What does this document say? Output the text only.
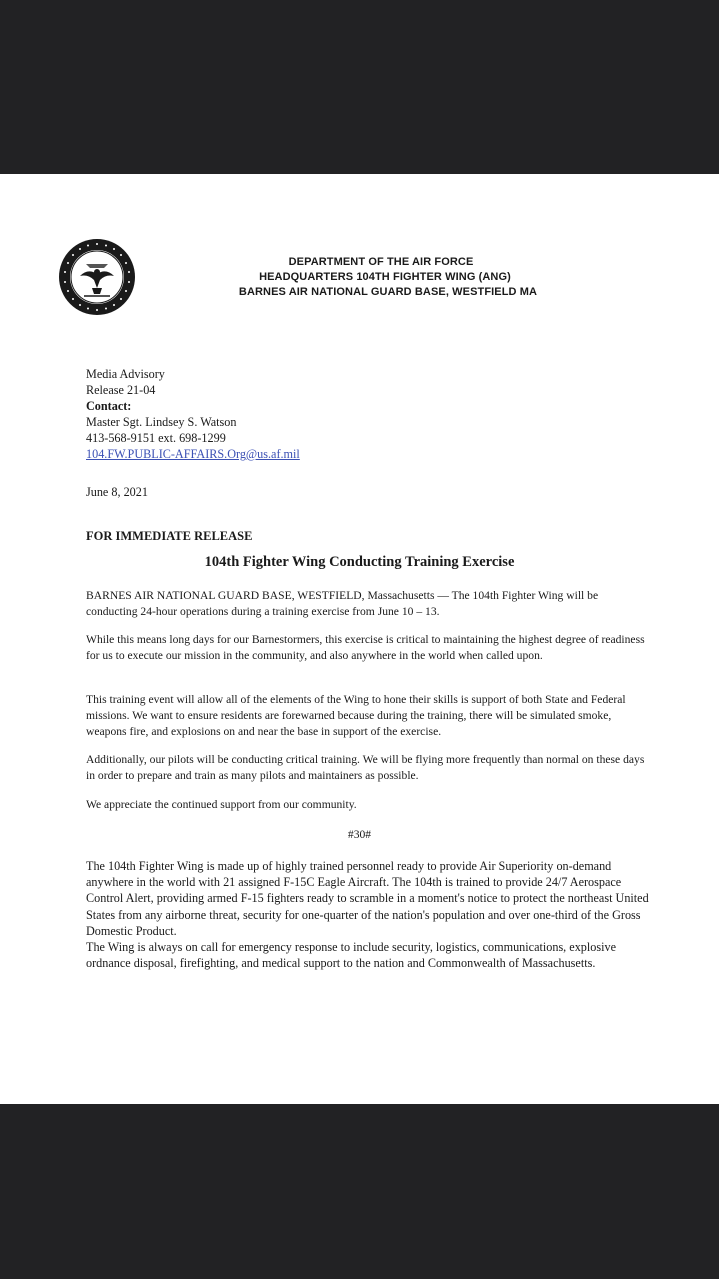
DEPARTMENT OF THE AIR FORCE
HEADQUARTERS 104TH FIGHTER WING (ANG)
BARNES AIR NATIONAL GUARD BASE, WESTFIELD MA
Media Advisory
Release 21-04
Contact:
Master Sgt. Lindsey S. Watson
413-568-9151 ext. 698-1299
104.FW.PUBLIC-AFFAIRS.Org@us.af.mil
June 8, 2021
FOR IMMEDIATE RELEASE
104th Fighter Wing Conducting Training Exercise

BARNES AIR NATIONAL GUARD BASE, WESTFIELD, Massachusetts — The 104th Fighter Wing will be conducting 24-hour operations during a training exercise from June 10 – 13.

While this means long days for our Barnestormers, this exercise is critical to maintaining the highest degree of readiness for us to execute our mission in the community, and also anywhere in the world when called upon.

This training event will allow all of the elements of the Wing to hone their skills is support of both State and Federal missions. We want to ensure residents are forewarned because during the training, there will be simulated smoke, weapons fire, and explosions on and near the base in support of the exercise.

Additionally, our pilots will be conducting critical training. We will be flying more frequently than normal on these days in order to prepare and train as many pilots and maintainers as possible.

We appreciate the continued support from our community.

#30#

The 104th Fighter Wing is made up of highly trained personnel ready to provide Air Superiority on-demand anywhere in the world with 21 assigned F-15C Eagle Aircraft. The 104th is trained to provide 24/7 Aerospace Control Alert, providing armed F-15 fighters ready to scramble in a moment's notice to protect the northeast United States from any airborne threat, security for one-quarter of the nation's population and over one-third of the Gross Domestic Product.

The Wing is always on call for emergency response to include security, logistics, communications, explosive ordnance disposal, firefighting, and medical support to the nation and Commonwealth of Massachusetts.
